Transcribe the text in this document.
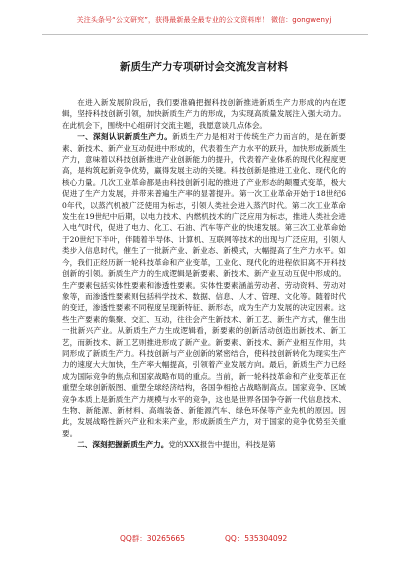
关注头条号“公文研究”，获得最新最全最专业的公文资料库！ 微信：gongwenyj
新质生产力专项研讨会交流发言材料

在进入新发展阶段后，我们要准确把握科技创新推进新质生产力形成的内在逻辑，坚持科技创新引领，加快新质生产力的形成，为实现高质量发展注入强大动力。在此机会下，围绕中心组研讨交流主题，我愿意谈几点体会。

一、深刻认识新质生产力。新质生产力是相对于传统生产力而言的，是在新要素、新技术、新产业互动促进中形成的，代表着生产力水平的跃升，加快形成新质生产力，意味着以科技创新推进产业创新能力的提升，代表着产业体系的现代化程度更高，是构筑起新竞争优势，赢得发展主动的关键。科技创新是推进工业化、现代化的核心力量。几次工业革命都是由科技创新引起的推进了产业形态的颠覆式变革，极大促进了生产力发展，并带来普遍生产率的显著提升。第一次工业革命开始于18世纪60年代，以蒸汽机被广泛使用为标志，引领人类社会进入蒸汽时代。第二次工业革命发生在19世纪中后期，以电力技术、内燃机技术的广泛应用为标志，推进人类社会进入电气时代，促进了电力、化工、石油、汽车等产业的快速发展。第三次工业革命始于20世纪下半叶，伴随着半导体、计算机、互联网等技术的出现与广泛应用，引领人类步入信息时代，催生了一批新产业、新业态、新模式，大幅提高了生产力水平。如今，我们正经历新一轮科技革命和产业变革，工业化、现代化的进程依旧离不开科技创新的引领。新质生产力的生成逻辑是新要素、新技术、新产业互动互促中形成的。生产要素包括实体性要素和渗透性要素。实体性要素涵盖劳动者、劳动资料、劳动对象等，而渗透性要素则包括科学技术、数据、信息、人才、管理、文化等。随着时代的变迁，渗透性要素不同程度呈现新特征、新形态，成为生产力发展的决定因素。这些生产要素的集聚、交汇、互动，往往会产生新技术、新工艺、新生产方式，催生出一批新兴产业。从新质生产力生成逻辑看，新要素的创新活动创造出新技术、新工艺，而新技术、新工艺则推进形成了新产业。新要素、新技术、新产业相互作用，共同形成了新质生产力。科技创新与产业创新的紧密结合，使科技创新转化为现实生产力的速度大大加快，生产率大幅提高，引领着产业发展方向。最后，新质生产力已经成为国际竞争的焦点和国家战略布局的重点。当前，新一轮科技革命和产业变革正在重塑全球创新版图、重塑全球经济结构，各国争相抢占战略制高点。国家竞争、区域竞争本质上是新质生产力规模与水平的竞争，这也是世界各国争夺新一代信息技术、生物、新能源、新材料、高端装备、新能源汽车、绿色环保等产业先机的原因。因此，发展战略性新兴产业和未来产业，形成新质生产力，对于国家的竞争优势至关重要。

二、深刻把握新质生产力。党的XXX报告中提出，科技是第

QQ群：30265665	QQ：535304092
